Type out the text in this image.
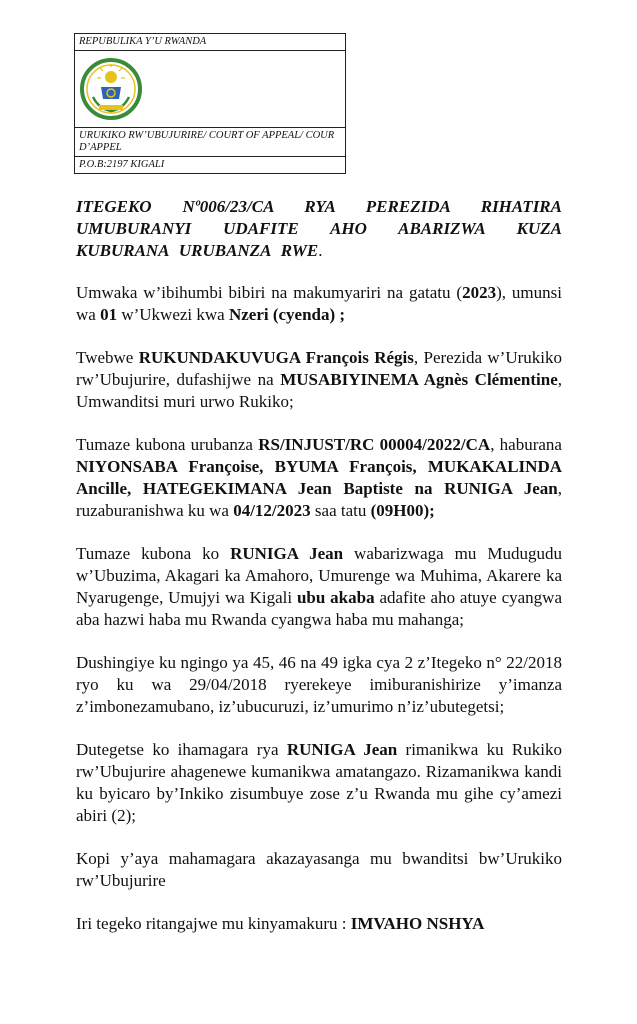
REPUBULIKA Y’U RWANDA
URUKIKO RW’UBUJURIRE/ COURT OF APPEAL/ COUR D’APPEL
P.O.B:2197 KIGALI
ITEGEKO Nº006/23/CA RYA PEREZIDA RIHATIRA UMUBURANYI UDAFITE AHO ABARIZWA KUZA KUBURANA URUBANZA RWE.

Umwaka w’ibihumbi bibiri na makumyariri na gatatu (2023), umunsi wa 01 w’Ukwezi kwa Nzeri (cyenda) ;

Twebwe RUKUNDAKUVUGA François Régis, Perezida w’Urukiko rw’Ubujurire, dufashijwe na MUSABIYINEMA Agnès Clémentine, Umwanditsi muri urwo Rukiko;

Tumaze kubona urubanza RS/INJUST/RC 00004/2022/CA, haburana NIYONSABA Françoise, BYUMA François, MUKAKALINDA Ancille, HATEGEKIMANA Jean Baptiste na RUNIGA Jean, ruzaburanishwa ku wa 04/12/2023 saa tatu (09H00);

Tumaze kubona ko RUNIGA Jean wabarizwaga mu Mudugudu w’Ubuzima, Akagari ka Amahoro, Umurenge wa Muhima, Akarere ka Nyarugenge, Umujyi wa Kigali ubu akaba adafite aho atuye cyangwa aba hazwi haba mu Rwanda cyangwa haba mu mahanga;

Dushingiye ku ngingo ya 45, 46 na 49 igka cya 2 z’Itegeko n° 22/2018 ryo ku wa 29/04/2018 ryerekeye imiburanishirize y’imanza z’imbonezamubano, iz’ubucuruzi, iz’umurimo n’iz’ubutegetsi;

Dutegetse ko ihamagara rya RUNIGA Jean rimanikwa ku Rukiko rw’Ubujurire ahagenewe kumanikwa amatangazo. Rizamanikwa kandi ku byicaro by’Inkiko zisumbuye zose z’u Rwanda mu gihe cy’amezi abiri (2);

Kopi y’aya mahamagara akazayasanga mu bwanditsi bw’Urukiko rw’Ubujurire

Iri tegeko ritangajwe mu kinyamakuru : IMVAHO NSHYA
